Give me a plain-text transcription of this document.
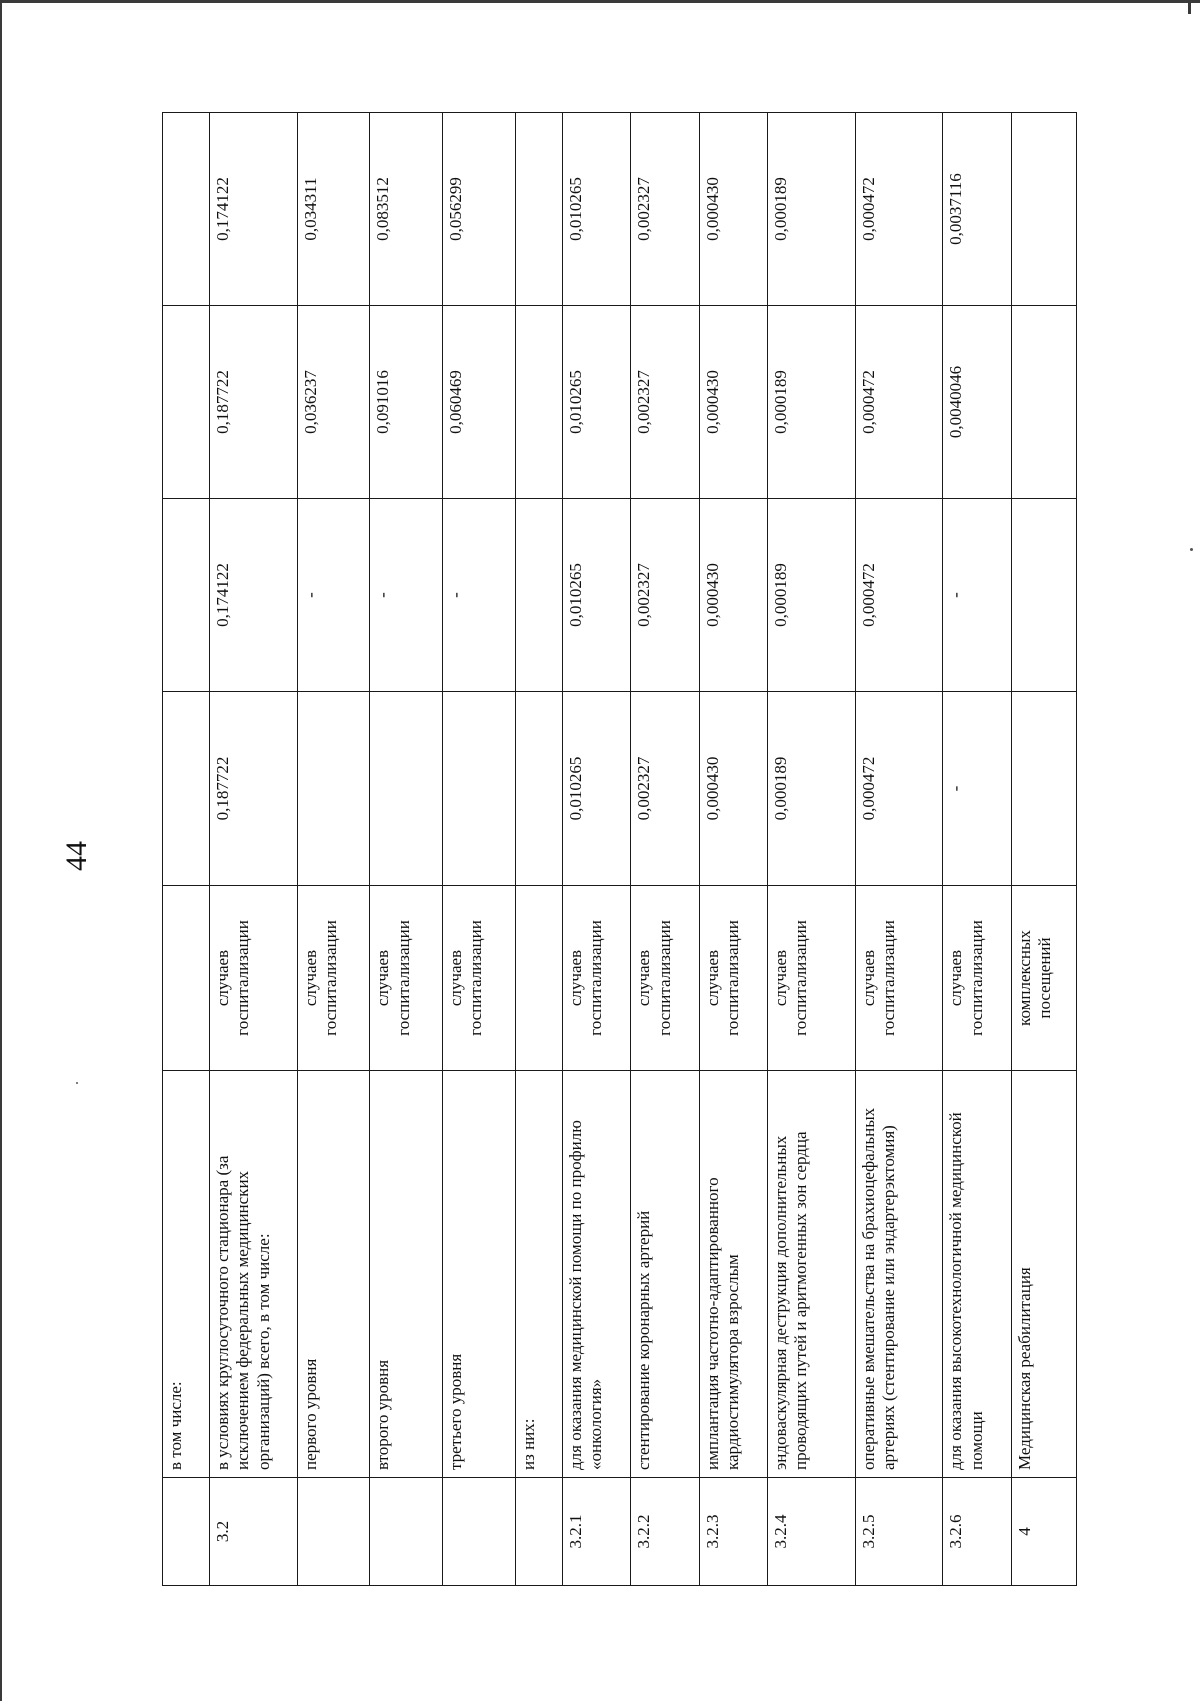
44
	в том числе:					
3.2	в условиях круглосуточного стационара (за исключением федеральных медицинских организаций) всего, в том числе:	случаев госпитализации	0,187722	0,174122	0,187722	0,174122
	первого уровня	случаев госпитализации		-	0,036237	0,034311
	второго уровня	случаев госпитализации		-	0,091016	0,083512
	третьего уровня	случаев госпитализации		-	0,060469	0,056299
	из них:					
3.2.1	для оказания медицинской помощи по профилю «онкология»	случаев госпитализации	0,010265	0,010265	0,010265	0,010265
3.2.2	стентирование коронарных артерий	случаев госпитализации	0,002327	0,002327	0,002327	0,002327
3.2.3	имплантация частотно-адаптированного кардиостимулятора взрослым	случаев госпитализации	0,000430	0,000430	0,000430	0,000430
3.2.4	эндоваскулярная деструкция дополнительных проводящих путей и аритмогенных зон сердца	случаев госпитализации	0,000189	0,000189	0,000189	0,000189
3.2.5	оперативные вмешательства на брахиоцефальных артериях (стентирование или эндартерэктомия)	случаев госпитализации	0,000472	0,000472	0,000472	0,000472
3.2.6	для оказания высокотехнологичной медицинской помощи	случаев госпитализации	-	-	0,0040046	0,0037116
4	Медицинская реабилитация	комплексных посещений				
